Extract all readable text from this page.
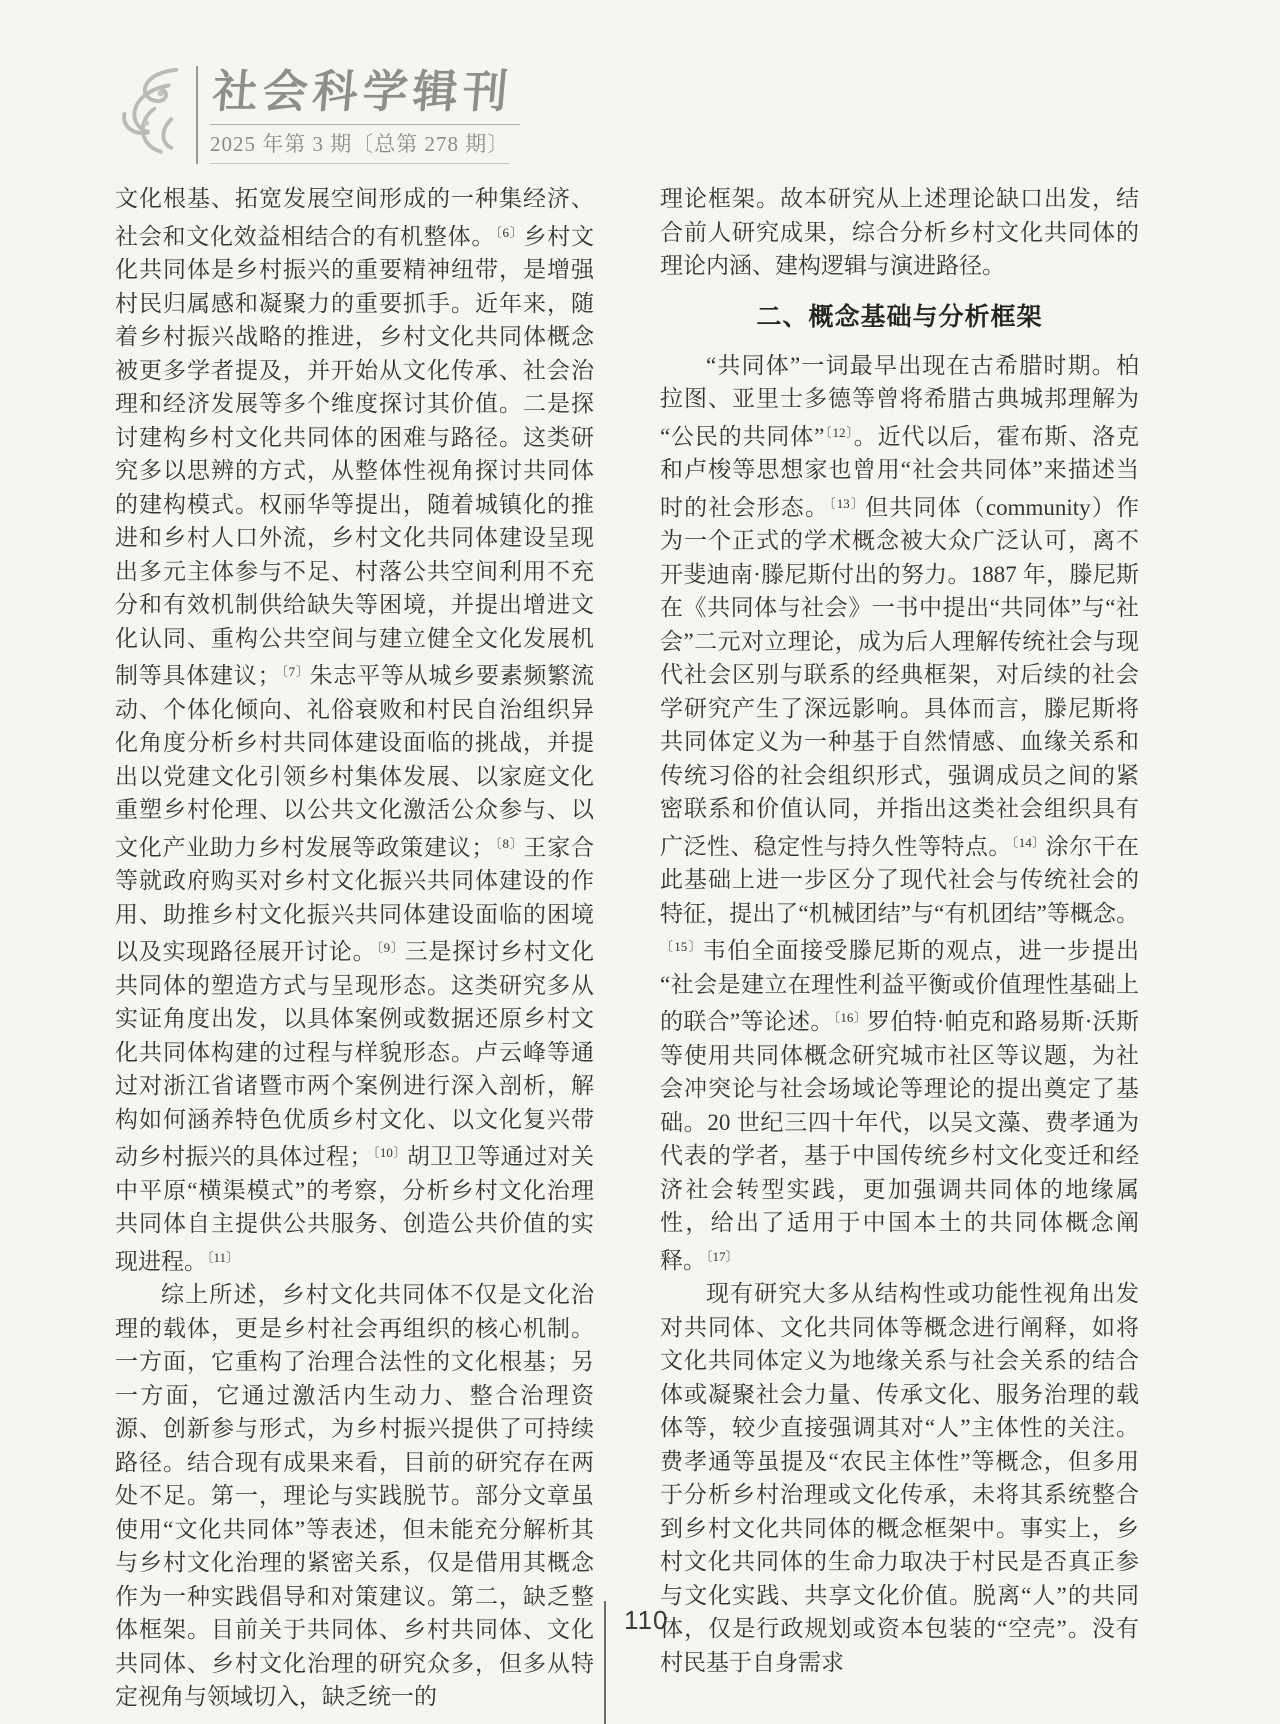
社会科学辑刊
2025 年第 3 期〔总第 278 期〕

文化根基、拓宽发展空间形成的一种集经济、社会和文化效益相结合的有机整体。$^{〔6〕}$乡村文化共同体是乡村振兴的重要精神纽带，是增强村民归属感和凝聚力的重要抓手。近年来，随着乡村振兴战略的推进，乡村文化共同体概念被更多学者提及，并开始从文化传承、社会治理和经济发展等多个维度探讨其价值。二是探讨建构乡村文化共同体的困难与路径。这类研究多以思辨的方式，从整体性视角探讨共同体的建构模式。权丽华等提出，随着城镇化的推进和乡村人口外流，乡村文化共同体建设呈现出多元主体参与不足、村落公共空间利用不充分和有效机制供给缺失等困境，并提出增进文化认同、重构公共空间与建立健全文化发展机制等具体建议；$^{〔7〕}$朱志平等从城乡要素频繁流动、个体化倾向、礼俗衰败和村民自治组织异化角度分析乡村共同体建设面临的挑战，并提出以党建文化引领乡村集体发展、以家庭文化重塑乡村伦理、以公共文化激活公众参与、以文化产业助力乡村发展等政策建议；$^{〔8〕}$王家合等就政府购买对乡村文化振兴共同体建设的作用、助推乡村文化振兴共同体建设面临的困境以及实现路径展开讨论。$^{〔9〕}$三是探讨乡村文化共同体的塑造方式与呈现形态。这类研究多从实证角度出发，以具体案例或数据还原乡村文化共同体构建的过程与样貌形态。卢云峰等通过对浙江省诸暨市两个案例进行深入剖析，解构如何涵养特色优质乡村文化、以文化复兴带动乡村振兴的具体过程；$^{〔10〕}$胡卫卫等通过对关中平原“横渠模式”的考察，分析乡村文化治理共同体自主提供公共服务、创造公共价值的实现进程。$^{〔11〕}$

综上所述，乡村文化共同体不仅是文化治理的载体，更是乡村社会再组织的核心机制。一方面，它重构了治理合法性的文化根基；另一方面，它通过激活内生动力、整合治理资源、创新参与形式，为乡村振兴提供了可持续路径。结合现有成果来看，目前的研究存在两处不足。第一，理论与实践脱节。部分文章虽使用“文化共同体”等表述，但未能充分解析其与乡村文化治理的紧密关系，仅是借用其概念作为一种实践倡导和对策建议。第二，缺乏整体框架。目前关于共同体、乡村共同体、文化共同体、乡村文化治理的研究众多，但多从特定视角与领域切入，缺乏统一的

理论框架。故本研究从上述理论缺口出发，结合前人研究成果，综合分析乡村文化共同体的理论内涵、建构逻辑与演进路径。

二、概念基础与分析框架

“共同体”一词最早出现在古希腊时期。柏拉图、亚里士多德等曾将希腊古典城邦理解为“公民的共同体”$^{〔12〕}$。近代以后，霍布斯、洛克和卢梭等思想家也曾用“社会共同体”来描述当时的社会形态。$^{〔13〕}$但共同体（community）作为一个正式的学术概念被大众广泛认可，离不开斐迪南·滕尼斯付出的努力。1887 年，滕尼斯在《共同体与社会》一书中提出“共同体”与“社会”二元对立理论，成为后人理解传统社会与现代社会区别与联系的经典框架，对后续的社会学研究产生了深远影响。具体而言，滕尼斯将共同体定义为一种基于自然情感、血缘关系和传统习俗的社会组织形式，强调成员之间的紧密联系和价值认同，并指出这类社会组织具有广泛性、稳定性与持久性等特点。$^{〔14〕}$涂尔干在此基础上进一步区分了现代社会与传统社会的特征，提出了“机械团结”与“有机团结”等概念。$^{〔15〕}$韦伯全面接受滕尼斯的观点，进一步提出“社会是建立在理性利益平衡或价值理性基础上的联合”等论述。$^{〔16〕}$罗伯特·帕克和路易斯·沃斯等使用共同体概念研究城市社区等议题，为社会冲突论与社会场域论等理论的提出奠定了基础。20 世纪三四十年代，以吴文藻、费孝通为代表的学者，基于中国传统乡村文化变迁和经济社会转型实践，更加强调共同体的地缘属性，给出了适用于中国本土的共同体概念阐释。$^{〔17〕}$

现有研究大多从结构性或功能性视角出发对共同体、文化共同体等概念进行阐释，如将文化共同体定义为地缘关系与社会关系的结合体或凝聚社会力量、传承文化、服务治理的载体等，较少直接强调其对“人”主体性的关注。费孝通等虽提及“农民主体性”等概念，但多用于分析乡村治理或文化传承，未将其系统整合到乡村文化共同体的概念框架中。事实上，乡村文化共同体的生命力取决于村民是否真正参与文化实践、共享文化价值。脱离“人”的共同体，仅是行政规划或资本包装的“空壳”。没有村民基于自身需求

110
